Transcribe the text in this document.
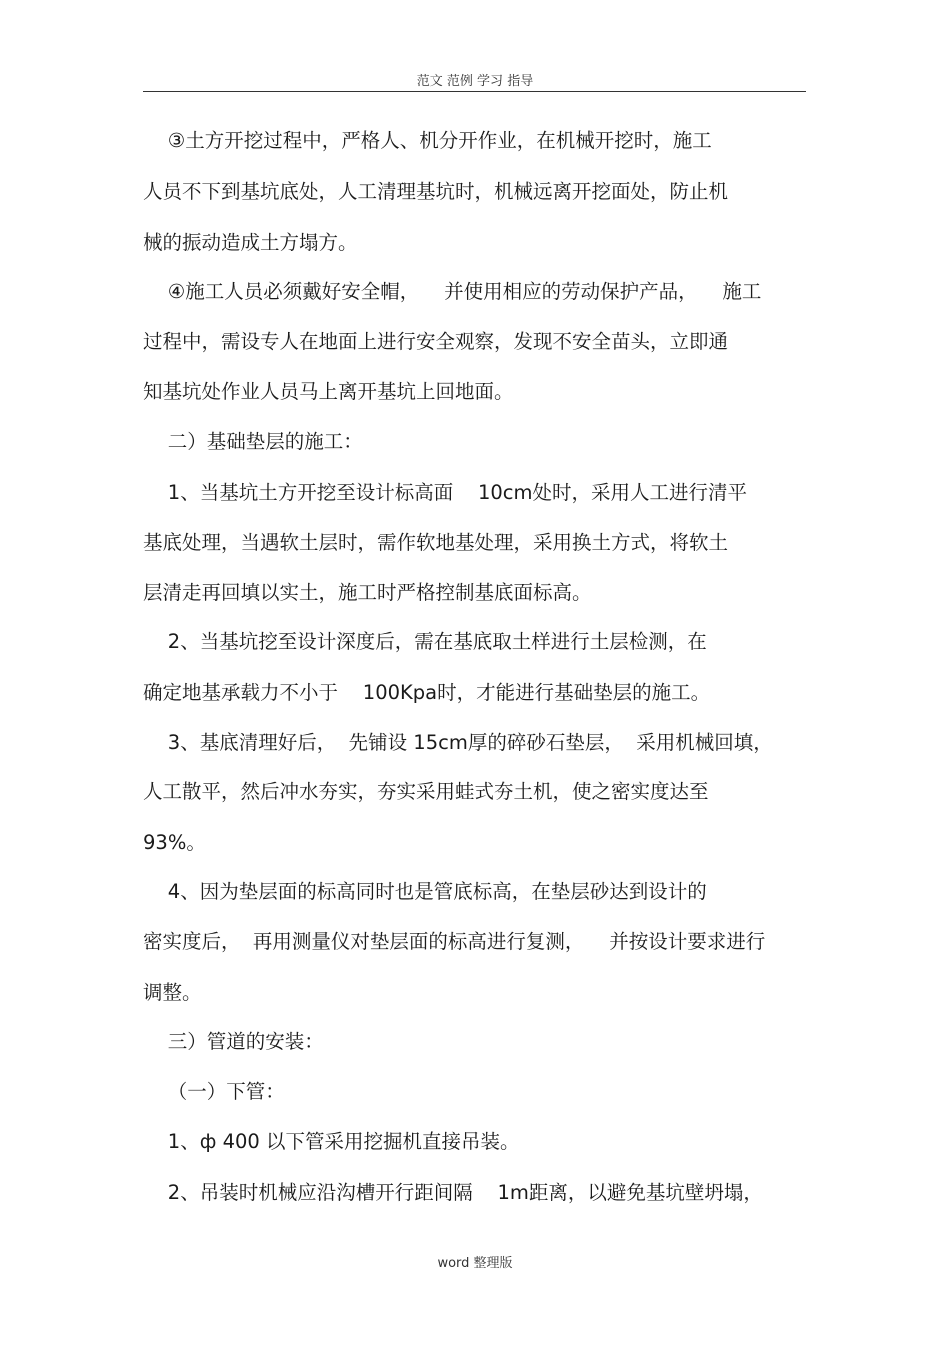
范文 范例 学习 指导
③土方开挖过程中，严格人、机分开作业，在机械开挖时，施工
人员不下到基坑底处，人工清理基坑时，机械远离开挖面处，防止机
械的振动造成土方塌方。
④施工人员必须戴好安全帽，    并使用相应的劳动保护产品，    施工
过程中，需设专人在地面上进行安全观察，发现不安全苗头，立即通
知基坑处作业人员马上离开基坑上回地面。
二）基础垫层的施工：
1、当基坑土方开挖至设计标高面    10cm处时，采用人工进行清平
基底处理，当遇软土层时，需作软地基处理，采用换土方式，将软土
层清走再回填以实土，施工时严格控制基底面标高。
2、当基坑挖至设计深度后，需在基底取土样进行土层检测，在
确定地基承载力不小于    100Kpa时，才能进行基础垫层的施工。
3、基底清理好后，  先铺设 15cm厚的碎砂石垫层，  采用机械回填，
人工散平，然后冲水夯实，夯实采用蛙式夯土机，使之密实度达至
93%。
4、因为垫层面的标高同时也是管底标高，在垫层砂达到设计的
密实度后，  再用测量仪对垫层面的标高进行复测，    并按设计要求进行
调整。
三）管道的安装：
（一）下管：
1、ф 400 以下管采用挖掘机直接吊装。
2、吊装时机械应沿沟槽开行距间隔    1m距离，以避免基坑壁坍塌，
word 整理版
